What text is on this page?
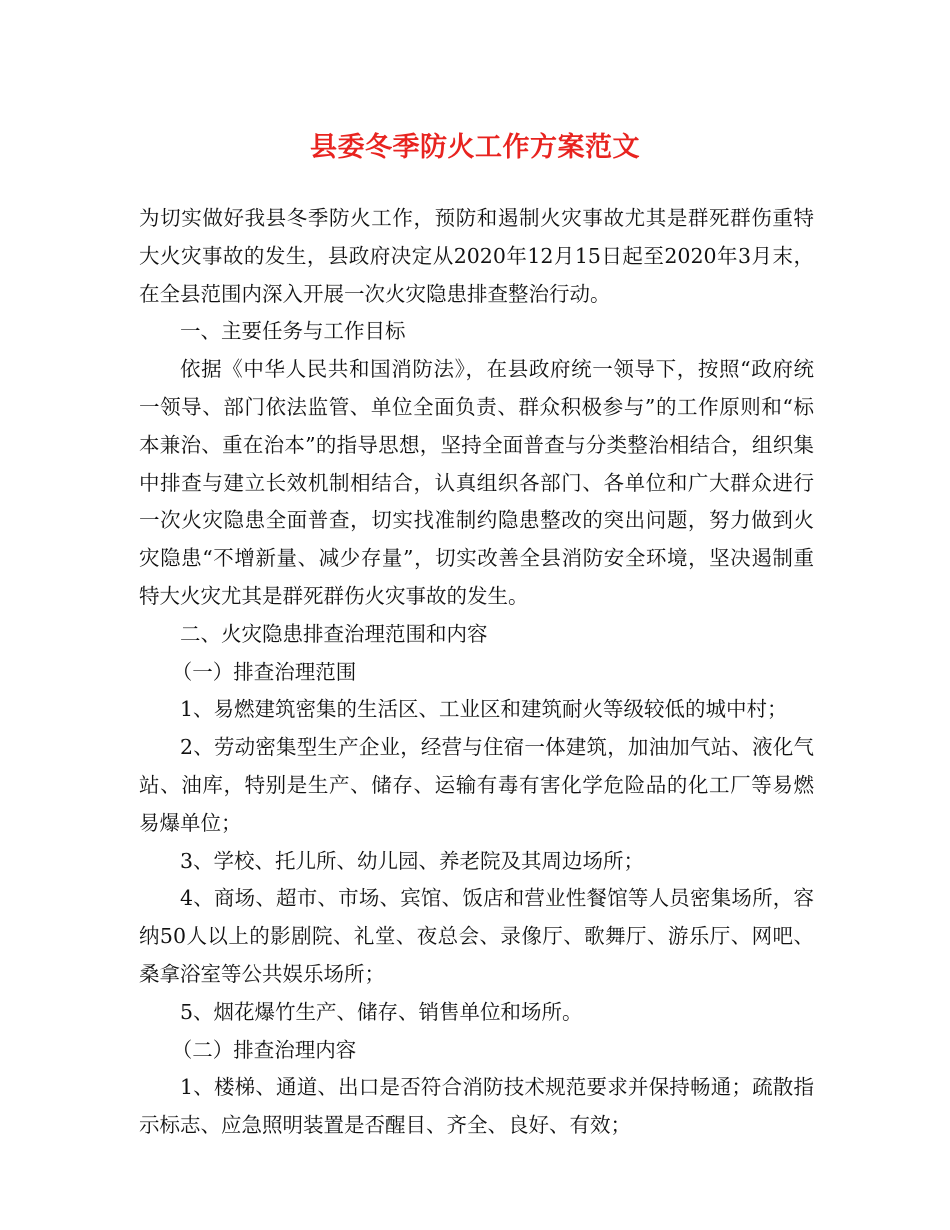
县委冬季防火工作方案范文

为切实做好我县冬季防火工作，预防和遏制火灾事故尤其是群死群伤重特大火灾事故的发生，县政府决定从2020年12月15日起至2020年3月末，在全县范围内深入开展一次火灾隐患排查整治行动。

一、主要任务与工作目标

依据《中华人民共和国消防法》，在县政府统一领导下，按照“政府统一领导、部门依法监管、单位全面负责、群众积极参与”的工作原则和“标本兼治、重在治本”的指导思想，坚持全面普查与分类整治相结合，组织集中排查与建立长效机制相结合，认真组织各部门、各单位和广大群众进行一次火灾隐患全面普查，切实找准制约隐患整改的突出问题，努力做到火灾隐患“不增新量、减少存量”，切实改善全县消防安全环境，坚决遏制重特大火灾尤其是群死群伤火灾事故的发生。

二、火灾隐患排查治理范围和内容

（一）排查治理范围

1、易燃建筑密集的生活区、工业区和建筑耐火等级较低的城中村；

2、劳动密集型生产企业，经营与住宿一体建筑，加油加气站、液化气站、油库，特别是生产、储存、运输有毒有害化学危险品的化工厂等易燃易爆单位；

3、学校、托儿所、幼儿园、养老院及其周边场所；

4、商场、超市、市场、宾馆、饭店和营业性餐馆等人员密集场所，容纳50人以上的影剧院、礼堂、夜总会、录像厅、歌舞厅、游乐厅、网吧、桑拿浴室等公共娱乐场所；

5、烟花爆竹生产、储存、销售单位和场所。

（二）排查治理内容

1、楼梯、通道、出口是否符合消防技术规范要求并保持畅通；疏散指示标志、应急照明装置是否醒目、齐全、良好、有效；
